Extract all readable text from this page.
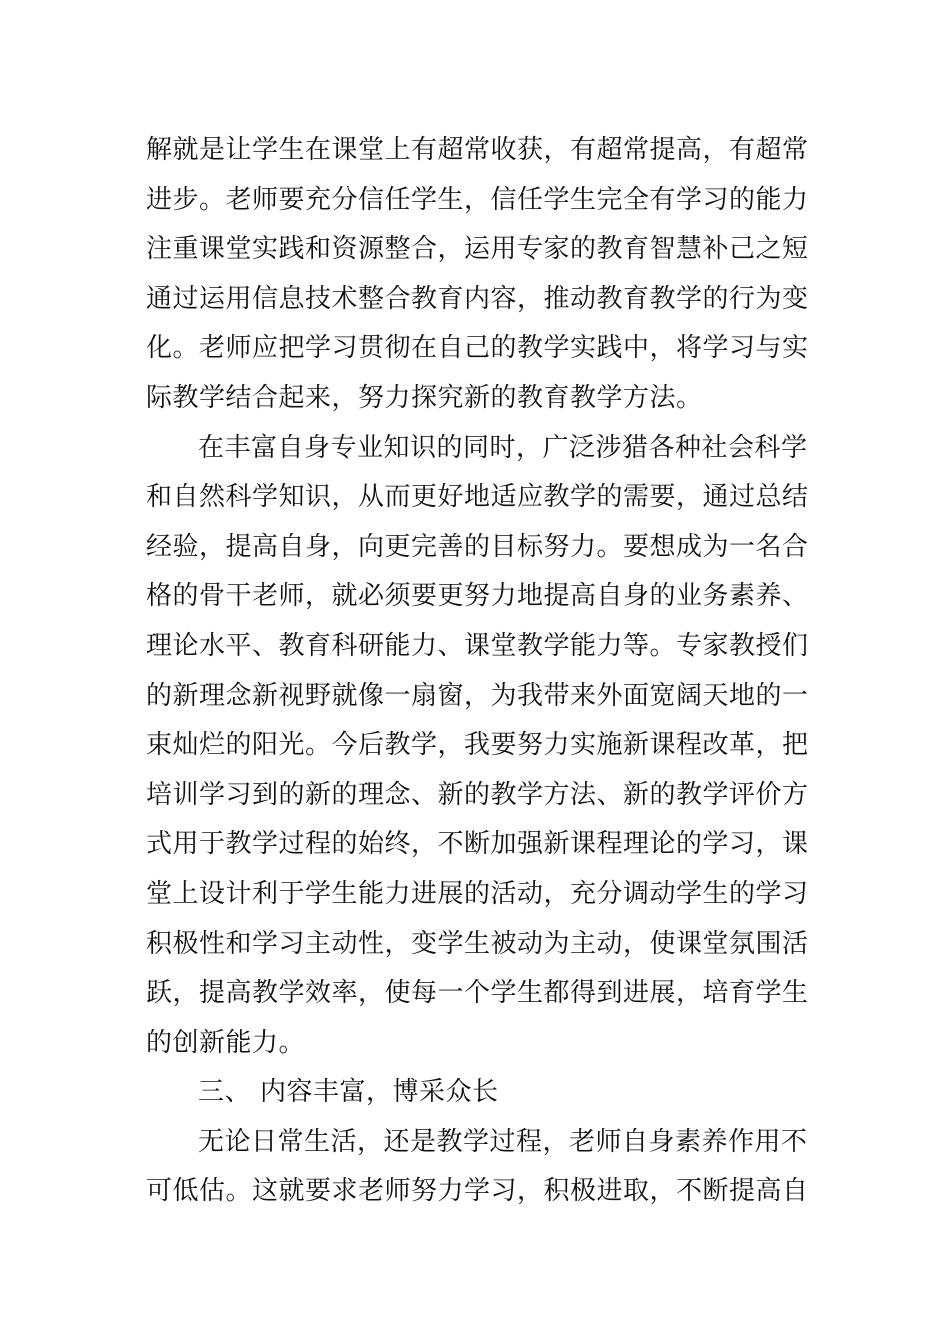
解就是让学生在课堂上有超常收获，有超常提高，有超常
进步。老师要充分信任学生，信任学生完全有学习的能力
注重课堂实践和资源整合，运用专家的教育智慧补己之短
通过运用信息技术整合教育内容，推动教育教学的行为变
化。老师应把学习贯彻在自己的教学实践中，将学习与实
际教学结合起来，努力探究新的教育教学方法。
在丰富自身专业知识的同时，广泛涉猎各种社会科学
和自然科学知识，从而更好地适应教学的需要，通过总结
经验，提高自身，向更完善的目标努力。要想成为一名合
格的骨干老师，就必须要更努力地提高自身的业务素养、
理论水平、教育科研能力、课堂教学能力等。专家教授们
的新理念新视野就像一扇窗，为我带来外面宽阔天地的一
束灿烂的阳光。今后教学，我要努力实施新课程改革，把
培训学习到的新的理念、新的教学方法、新的教学评价方
式用于教学过程的始终，不断加强新课程理论的学习，课
堂上设计利于学生能力进展的活动，充分调动学生的学习
积极性和学习主动性，变学生被动为主动，使课堂氛围活
跃，提高教学效率，使每一个学生都得到进展，培育学生
的创新能力。
三、 内容丰富，博采众长
无论日常生活，还是教学过程，老师自身素养作用不
可低估。这就要求老师努力学习，积极进取，不断提高自
